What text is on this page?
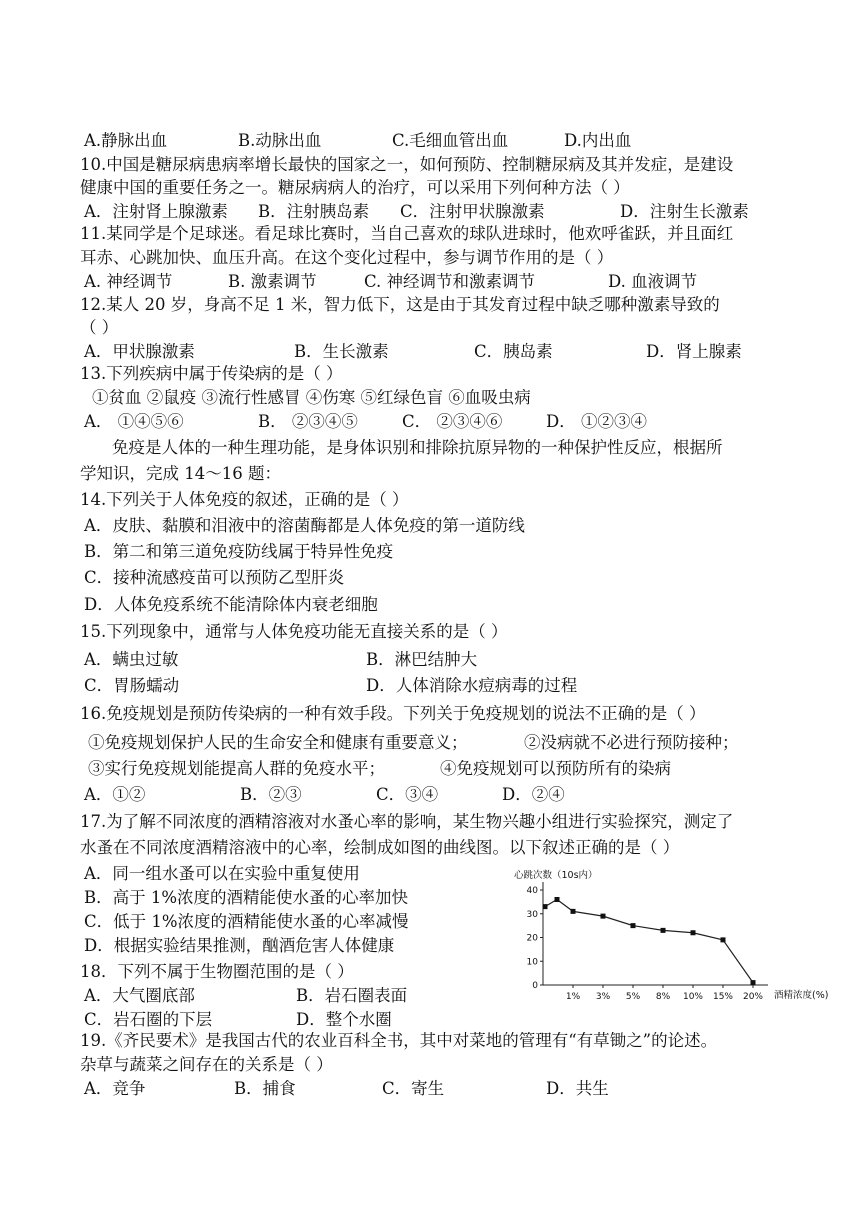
A.静脉出血	B.动脉出血	C.毛细血管出血	D.内出血
10.中国是糖尿病患病率增长最快的国家之一，如何预防、控制糖尿病及其并发症，是建设
健康中国的重要任务之一。糖尿病病人的治疗，可以采用下列何种方法（ ）
A．注射肾上腺激素 B．注射胰岛素 C．注射甲状腺激素	D．注射生长激素
11.某同学是个足球迷。看足球比赛时，当自己喜欢的球队进球时，他欢呼雀跃，并且面红
耳赤、心跳加快、血压升高。在这个变化过程中，参与调节作用的是（ ）
A. 神经调节	B. 激素调节	C. 神经调节和激素调节	D. 血液调节
12.某人 20 岁，身高不足 1 米，智力低下，这是由于其发育过程中缺乏哪种激素导致的
（ ）
A．甲状腺激素	B．生长激素	C．胰岛素	D．肾上腺素
13.下列疾病中属于传染病的是（ ）
①贫血 ②鼠疫 ③流行性感冒 ④伤寒 ⑤红绿色盲 ⑥血吸虫病
A． ①④⑤⑥	B． ②③④⑤	C． ②③④⑥	D． ①②③④
免疫是人体的一种生理功能，是身体识别和排除抗原异物的一种保护性反应，根据所
学知识，完成 14～16 题：
14.下列关于人体免疫的叙述，正确的是（ ）
A．皮肤、黏膜和泪液中的溶菌酶都是人体免疫的第一道防线
B．第二和第三道免疫防线属于特异性免疫
C．接种流感疫苗可以预防乙型肝炎
D．人体免疫系统不能清除体内衰老细胞
15.下列现象中，通常与人体免疫功能无直接关系的是（ ）
A．螨虫过敏	B．淋巴结肿大
C．胃肠蠕动	D．人体消除水痘病毒的过程
16.免疫规划是预防传染病的一种有效手段。下列关于免疫规划的说法不正确的是（ ）
①免疫规划保护人民的生命安全和健康有重要意义；	②没病就不必进行预防接种；
③实行免疫规划能提高人群的免疫水平；	④免疫规划可以预防所有的染病
A．①②	B．②③	C．③④	D．②④
17.为了解不同浓度的酒精溶液对水蚤心率的影响，某生物兴趣小组进行实验探究，测定了
水蚤在不同浓度酒精溶液中的心率，绘制成如图的曲线图。以下叙述正确的是（ ）
A．同一组水蚤可以在实验中重复使用
B．高于 1%浓度的酒精能使水蚤的心率加快
C．低于 1%浓度的酒精能使水蚤的心率减慢
D．根据实验结果推测，酗酒危害人体健康
心跳次数（10s内）
酒精浓度(%)
0
10
20
30
40
1% 3% 5% 8% 10% 15% 20%
18．下列不属于生物圈范围的是（ ）
A．大气圈底部	B．岩石圈表面
C．岩石圈的下层	D．整个水圈
19.《齐民要术》是我国古代的农业百科全书，其中对菜地的管理有“有草锄之”的论述。
杂草与蔬菜之间存在的关系是（ ）
A．竞争	B．捕食	C．寄生	D．共生
